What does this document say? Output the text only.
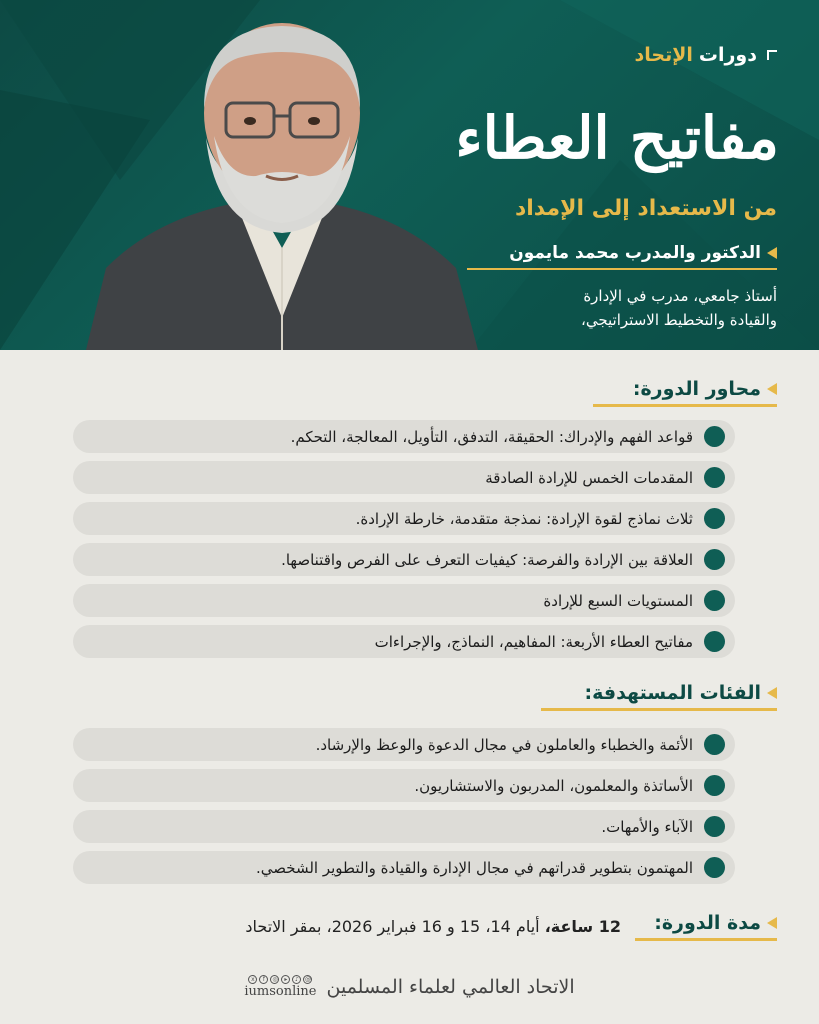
دورات
الإتحاد
مفاتيح العطاء
من الاستعداد إلى الإمداد
الدكتور والمدرب محمد مايمون
أستاذ جامعي، مدرب في الإدارة
والقيادة والتخطيط الاستراتيجي،
محاور الدورة:
قواعد الفهم والإدراك: الحقيقة، التدفق، التأويل، المعالجة، التحكم.
المقدمات الخمس للإرادة الصادقة
ثلاث نماذج لقوة الإرادة: نمذجة متقدمة، خارطة الإرادة.
العلاقة بين الإرادة والفرصة: كيفيات التعرف على الفرص واقتناصها.
المستويات السبع للإرادة
مفاتيح العطاء الأربعة: المفاهيم، النماذج، والإجراءات
الفئات المستهدفة:
الأئمة والخطباء والعاملون في مجال الدعوة والوعظ والإرشاد.
الأساتذة والمعلمون، المدربون والاستشاريون.
الآباء والأمهات.
المهتمون بتطوير قدراتهم في مجال الإدارة والقيادة والتطوير الشخصي.
مدة الدورة:
12 ساعة، أيام 14، 15 و 16 فبراير 2026، بمقر الاتحاد
x	f	◎	▸	♪	@
iumsonline الاتحاد العالمي لعلماء المسلمين
